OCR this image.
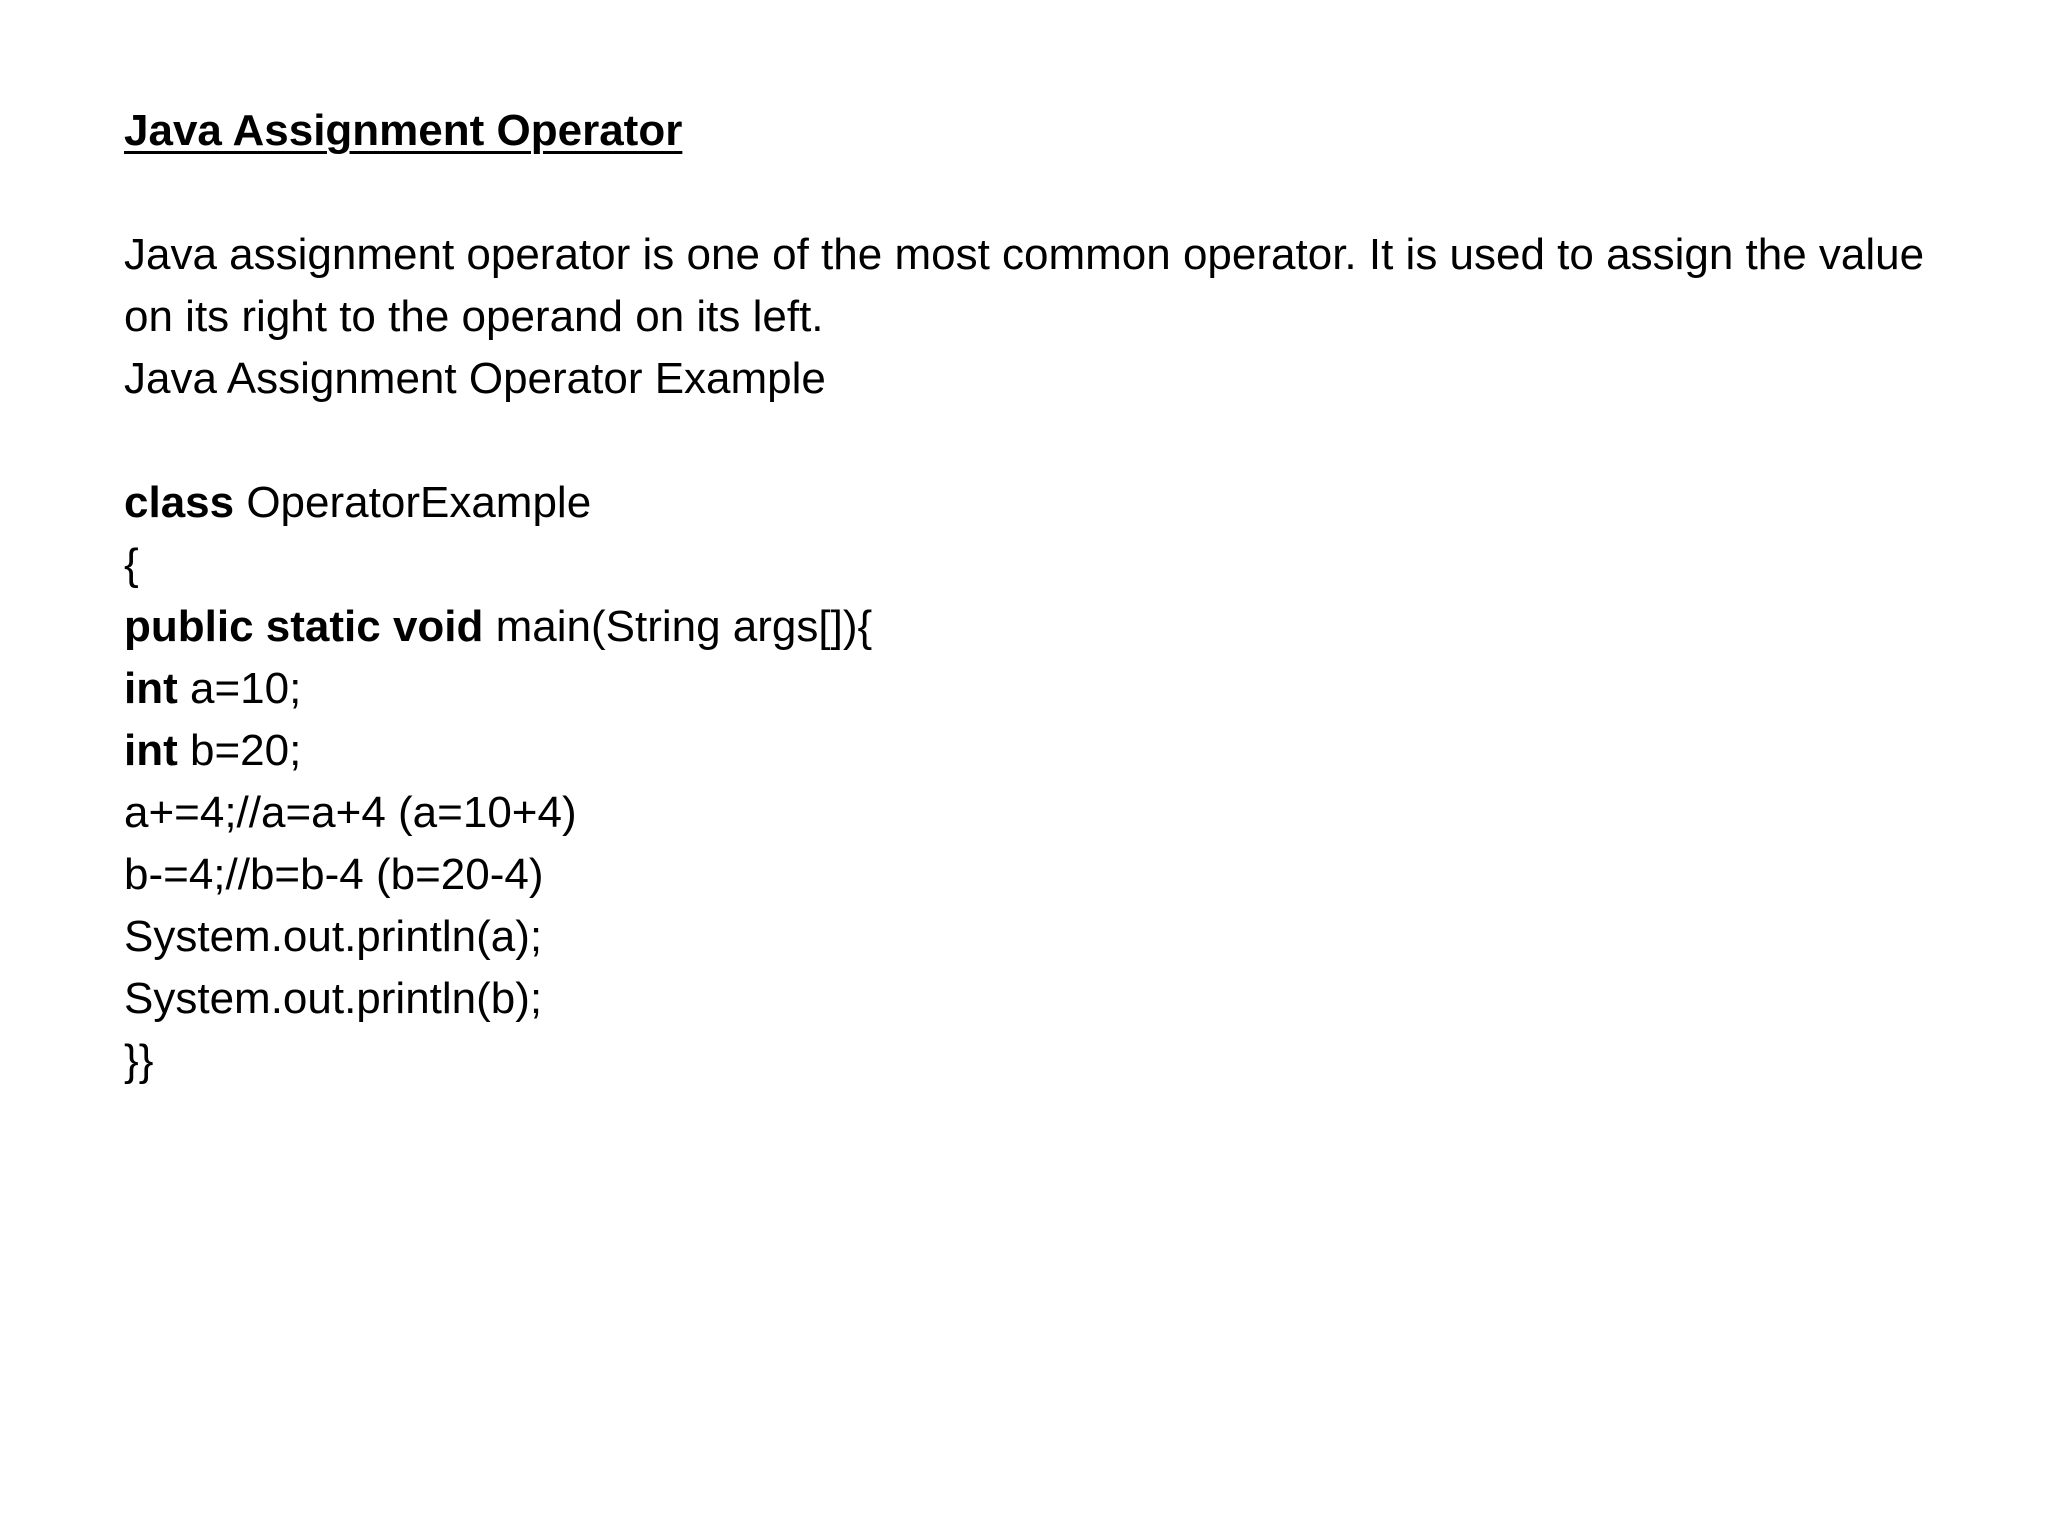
Java Assignment Operator

Java assignment operator is one of the most common operator. It is used to assign the value on its right to the operand on its left.

Java Assignment Operator Example

class OperatorExample

{

public static void main(String args[]){

int a=10;

int b=20;

a+=4;//a=a+4 (a=10+4)

b-=4;//b=b-4 (b=20-4)

System.out.println(a);

System.out.println(b);

}}
